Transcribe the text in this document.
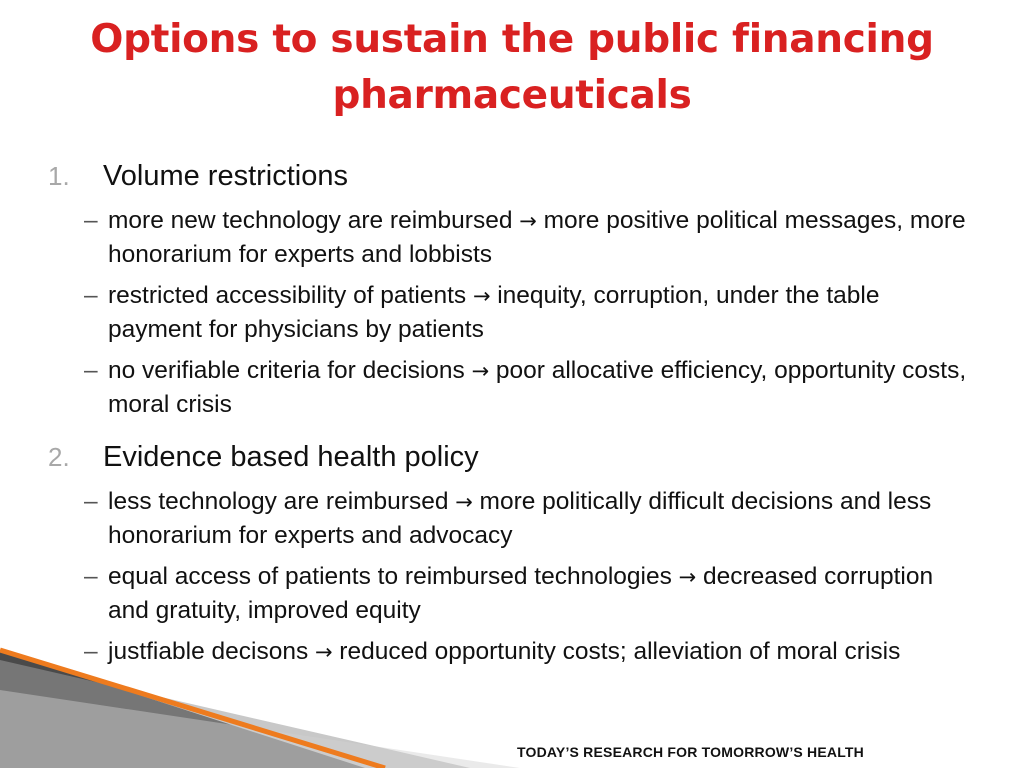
Options to sustain the public financing pharmaceuticals
1.	Volume restrictions
– more new technology are reimbursed → more positive political messages, more honorarium for experts and lobbists
– restricted accessibility of patients → inequity, corruption, under the table payment for physicians by patients
– no verifiable criteria for decisions → poor allocative efficiency, opportunity costs, moral crisis
2.	Evidence based health policy
– less technology are reimbursed → more politically difficult decisions and less honorarium for experts and advocacy
– equal access of patients to reimbursed technologies → decreased corruption and gratuity, improved equity
– justfiable decisons → reduced opportunity costs; alleviation of moral crisis
TODAY’S RESEARCH FOR TOMORROW’S HEALTH
